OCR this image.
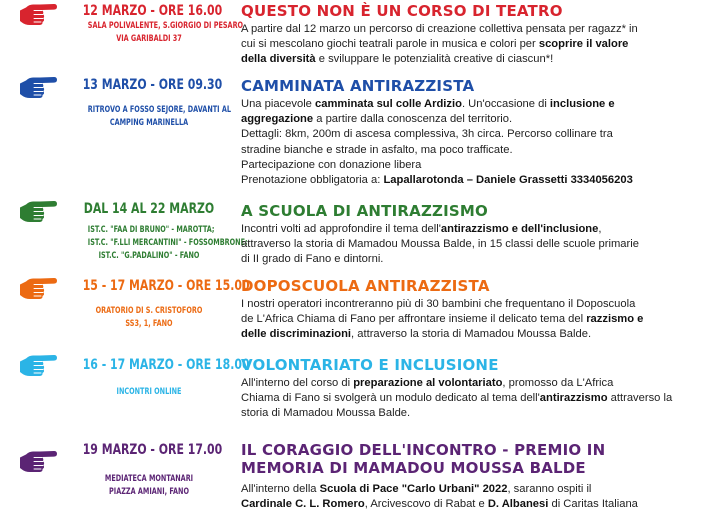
12 MARZO - ORE 16.00
SALA POLIVALENTE, S.GIORGIO DI PESARO
VIA GARIBALDI 37
QUESTO NON È UN CORSO DI TEATRO
A partire dal 12 marzo un percorso di creazione collettiva pensata per ragazz* in
cui si mescolano giochi teatrali parole in musica e colori per scoprire il valore
della diversità e sviluppare le potenzialità creative di ciascun*!
13 MARZO - ORE 09.30
RITROVO A FOSSO SEJORE, DAVANTI AL
CAMPING MARINELLA
CAMMINATA ANTIRAZZISTA
Una piacevole camminata sul colle Ardizio. Un'occasione di inclusione e
aggregazione a partire dalla conoscenza del territorio.
Dettagli: 8km, 200m di ascesa complessiva, 3h circa. Percorso collinare tra
stradine bianche e strade in asfalto, ma poco trafficate.
Partecipazione con donazione libera
Prenotazione obbligatoria a: Lapallarotonda – Daniele Grassetti 3334056203
DAL 14 AL 22 MARZO
IST.C. "FAA DI BRUNO" - MAROTTA;
IST.C. "F.LLI MERCANTINI" - FOSSOMBRONE;
IST.C. "G.PADALINO" - FANO
A SCUOLA DI ANTIRAZZISMO
Incontri volti ad approfondire il tema dell'antirazzismo e dell'inclusione,
attraverso la storia di Mamadou Moussa Balde, in 15 classi delle scuole primarie
di II grado di Fano e dintorni.
15 - 17 MARZO - ORE 15.00
ORATORIO DI S. CRISTOFORO
SS3, 1, FANO
DOPOSCUOLA ANTIRAZZISTA
I nostri operatori incontreranno più di 30 bambini che frequentano il Doposcuola
de L'Africa Chiama di Fano per affrontare insieme il delicato tema del razzismo e
delle discriminazioni, attraverso la storia di Mamadou Moussa Balde.
16 - 17 MARZO - ORE 18.00
INCONTRI ONLINE
VOLONTARIATO E INCLUSIONE
All'interno del corso di preparazione al volontariato, promosso da L'Africa
Chiama di Fano si svolgerà un modulo dedicato al tema dell'antirazzismo attraverso la
storia di Mamadou Moussa Balde.
19 MARZO - ORE 17.00
MEDIATECA MONTANARI
PIAZZA AMIANI, FANO
IL CORAGGIO DELL'INCONTRO - PREMIO IN
MEMORIA DI MAMADOU MOUSSA BALDE
All'interno della Scuola di Pace "Carlo Urbani" 2022, saranno ospiti il
Cardinale C. L. Romero, Arcivescovo di Rabat e D. Albanesi di Caritas Italiana
